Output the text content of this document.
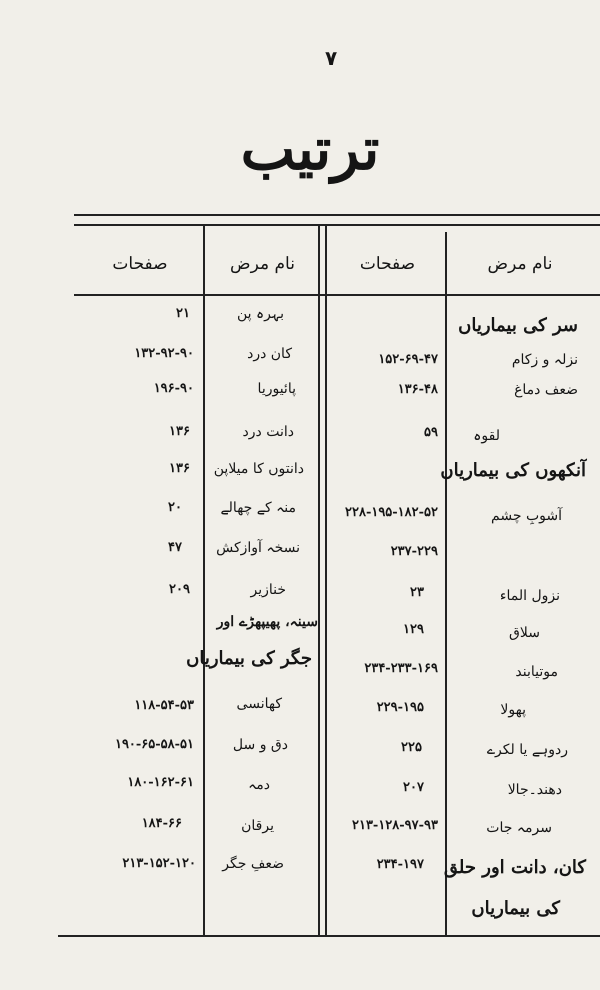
۷
ترتیب
نام مرض
صفحات
نام مرض
صفحات
سر کی بیماریاں
نزلہ و زکام
۱۵۲-۶۹-۴۷
ضعف دماغ
۱۳۶-۴۸
لقوہ
۵۹
آنکھوں کی بیماریاں
آشوبِ چشم
۲۲۸-۱۹۵-۱۸۲-۵۲
۲۳۷-۲۲۹
نزول الماء
۲۳
سلاق
۱۲۹
موتیابند
۲۳۴-۲۳۳-۱۶۹
پھولا
۲۲۹-۱۹۵
ردوہے یا لکرے
۲۲۵
دھند۔جالا
۲۰۷
سرمہ جات
۲۱۳-۱۲۸-۹۷-۹۳
کان، دانت اور حلق
۲۳۴-۱۹۷
کی بیماریاں
بہرہ پن
۲۱
کان درد
۱۳۲-۹۲-۹۰
پائیوریا
۱۹۶-۹۰
دانت درد
۱۳۶
دانتوں کا میلاپن
۱۳۶
منہ کے چھالے
۲۰
نسخہ آوازکش
۴۷
خنازیر
۲۰۹
سینہ، پھیپھڑے اور
جگر کی بیماریاں
کھانسی
۱۱۸-۵۴-۵۳
دق و سل
۱۹۰-۶۵-۵۸-۵۱
دمہ
۱۸۰-۱۶۲-۶۱
یرقان
۱۸۴-۶۶
ضعفِ جگر
۲۱۳-۱۵۲-۱۲۰
